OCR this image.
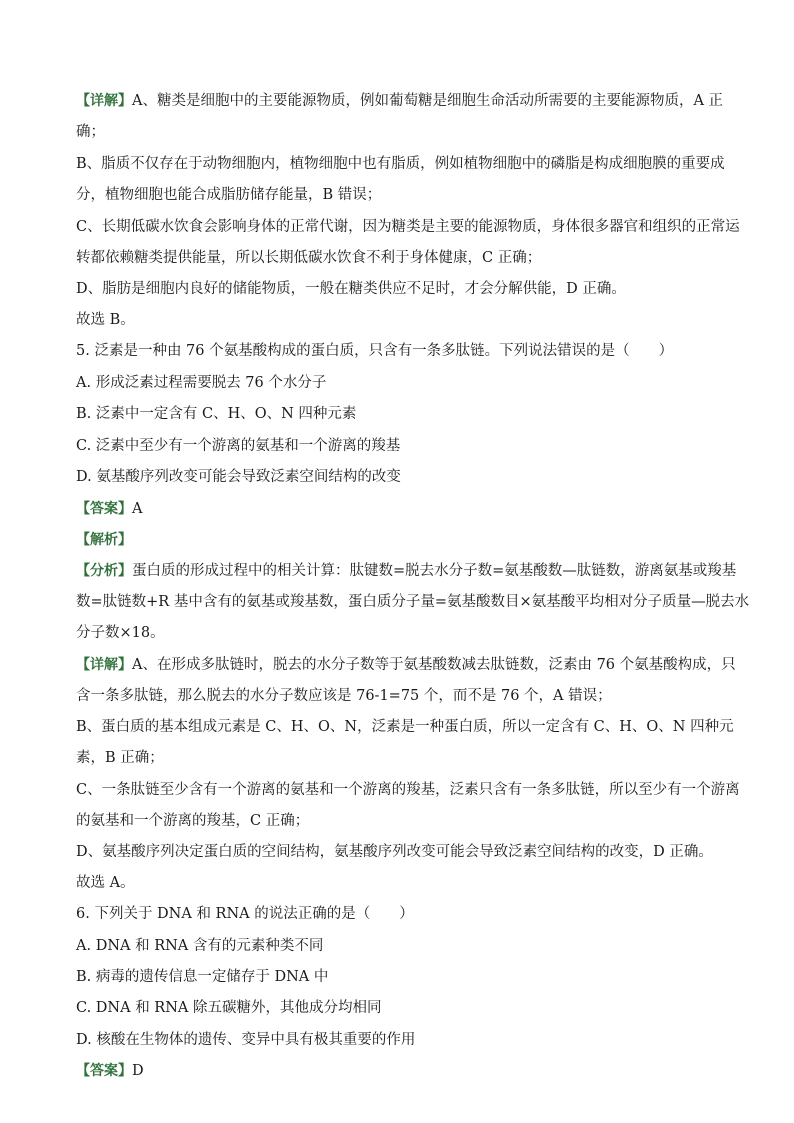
【详解】A、糖类是细胞中的主要能源物质，例如葡萄糖是细胞生命活动所需要的主要能源物质，A 正
确；
B、脂质不仅存在于动物细胞内，植物细胞中也有脂质，例如植物细胞中的磷脂是构成细胞膜的重要成
分，植物细胞也能合成脂肪储存能量，B 错误；
C、长期低碳水饮食会影响身体的正常代谢，因为糖类是主要的能源物质，身体很多器官和组织的正常运
转都依赖糖类提供能量，所以长期低碳水饮食不利于身体健康，C 正确；
D、脂肪是细胞内良好的储能物质，一般在糖类供应不足时，才会分解供能，D 正确。
故选 B。
5. 泛素是一种由 76 个氨基酸构成的蛋白质，只含有一条多肽链。下列说法错误的是（　　）
A. 形成泛素过程需要脱去 76 个水分子
B. 泛素中一定含有 C、H、O、N 四种元素
C. 泛素中至少有一个游离的氨基和一个游离的羧基
D. 氨基酸序列改变可能会导致泛素空间结构的改变
【答案】A
【解析】
【分析】蛋白质的形成过程中的相关计算：肽键数=脱去水分子数=氨基酸数—肽链数，游离氨基或羧基
数=肽链数+R 基中含有的氨基或羧基数，蛋白质分子量=氨基酸数目×氨基酸平均相对分子质量—脱去水
分子数×18。
【详解】A、在形成多肽链时，脱去的水分子数等于氨基酸数减去肽链数，泛素由 76 个氨基酸构成，只
含一条多肽链，那么脱去的水分子数应该是 76-1=75 个，而不是 76 个，A 错误；
B、蛋白质的基本组成元素是 C、H、O、N，泛素是一种蛋白质，所以一定含有 C、H、O、N 四种元
素，B 正确；
C、一条肽链至少含有一个游离的氨基和一个游离的羧基，泛素只含有一条多肽链，所以至少有一个游离
的氨基和一个游离的羧基，C 正确；
D、氨基酸序列决定蛋白质的空间结构，氨基酸序列改变可能会导致泛素空间结构的改变，D 正确。
故选 A。
6. 下列关于 DNA 和 RNA 的说法正确的是（　　）
A. DNA 和 RNA 含有的元素种类不同
B. 病毒的遗传信息一定储存于 DNA 中
C. DNA 和 RNA 除五碳糖外，其他成分均相同
D. 核酸在生物体的遗传、变异中具有极其重要的作用
【答案】D
